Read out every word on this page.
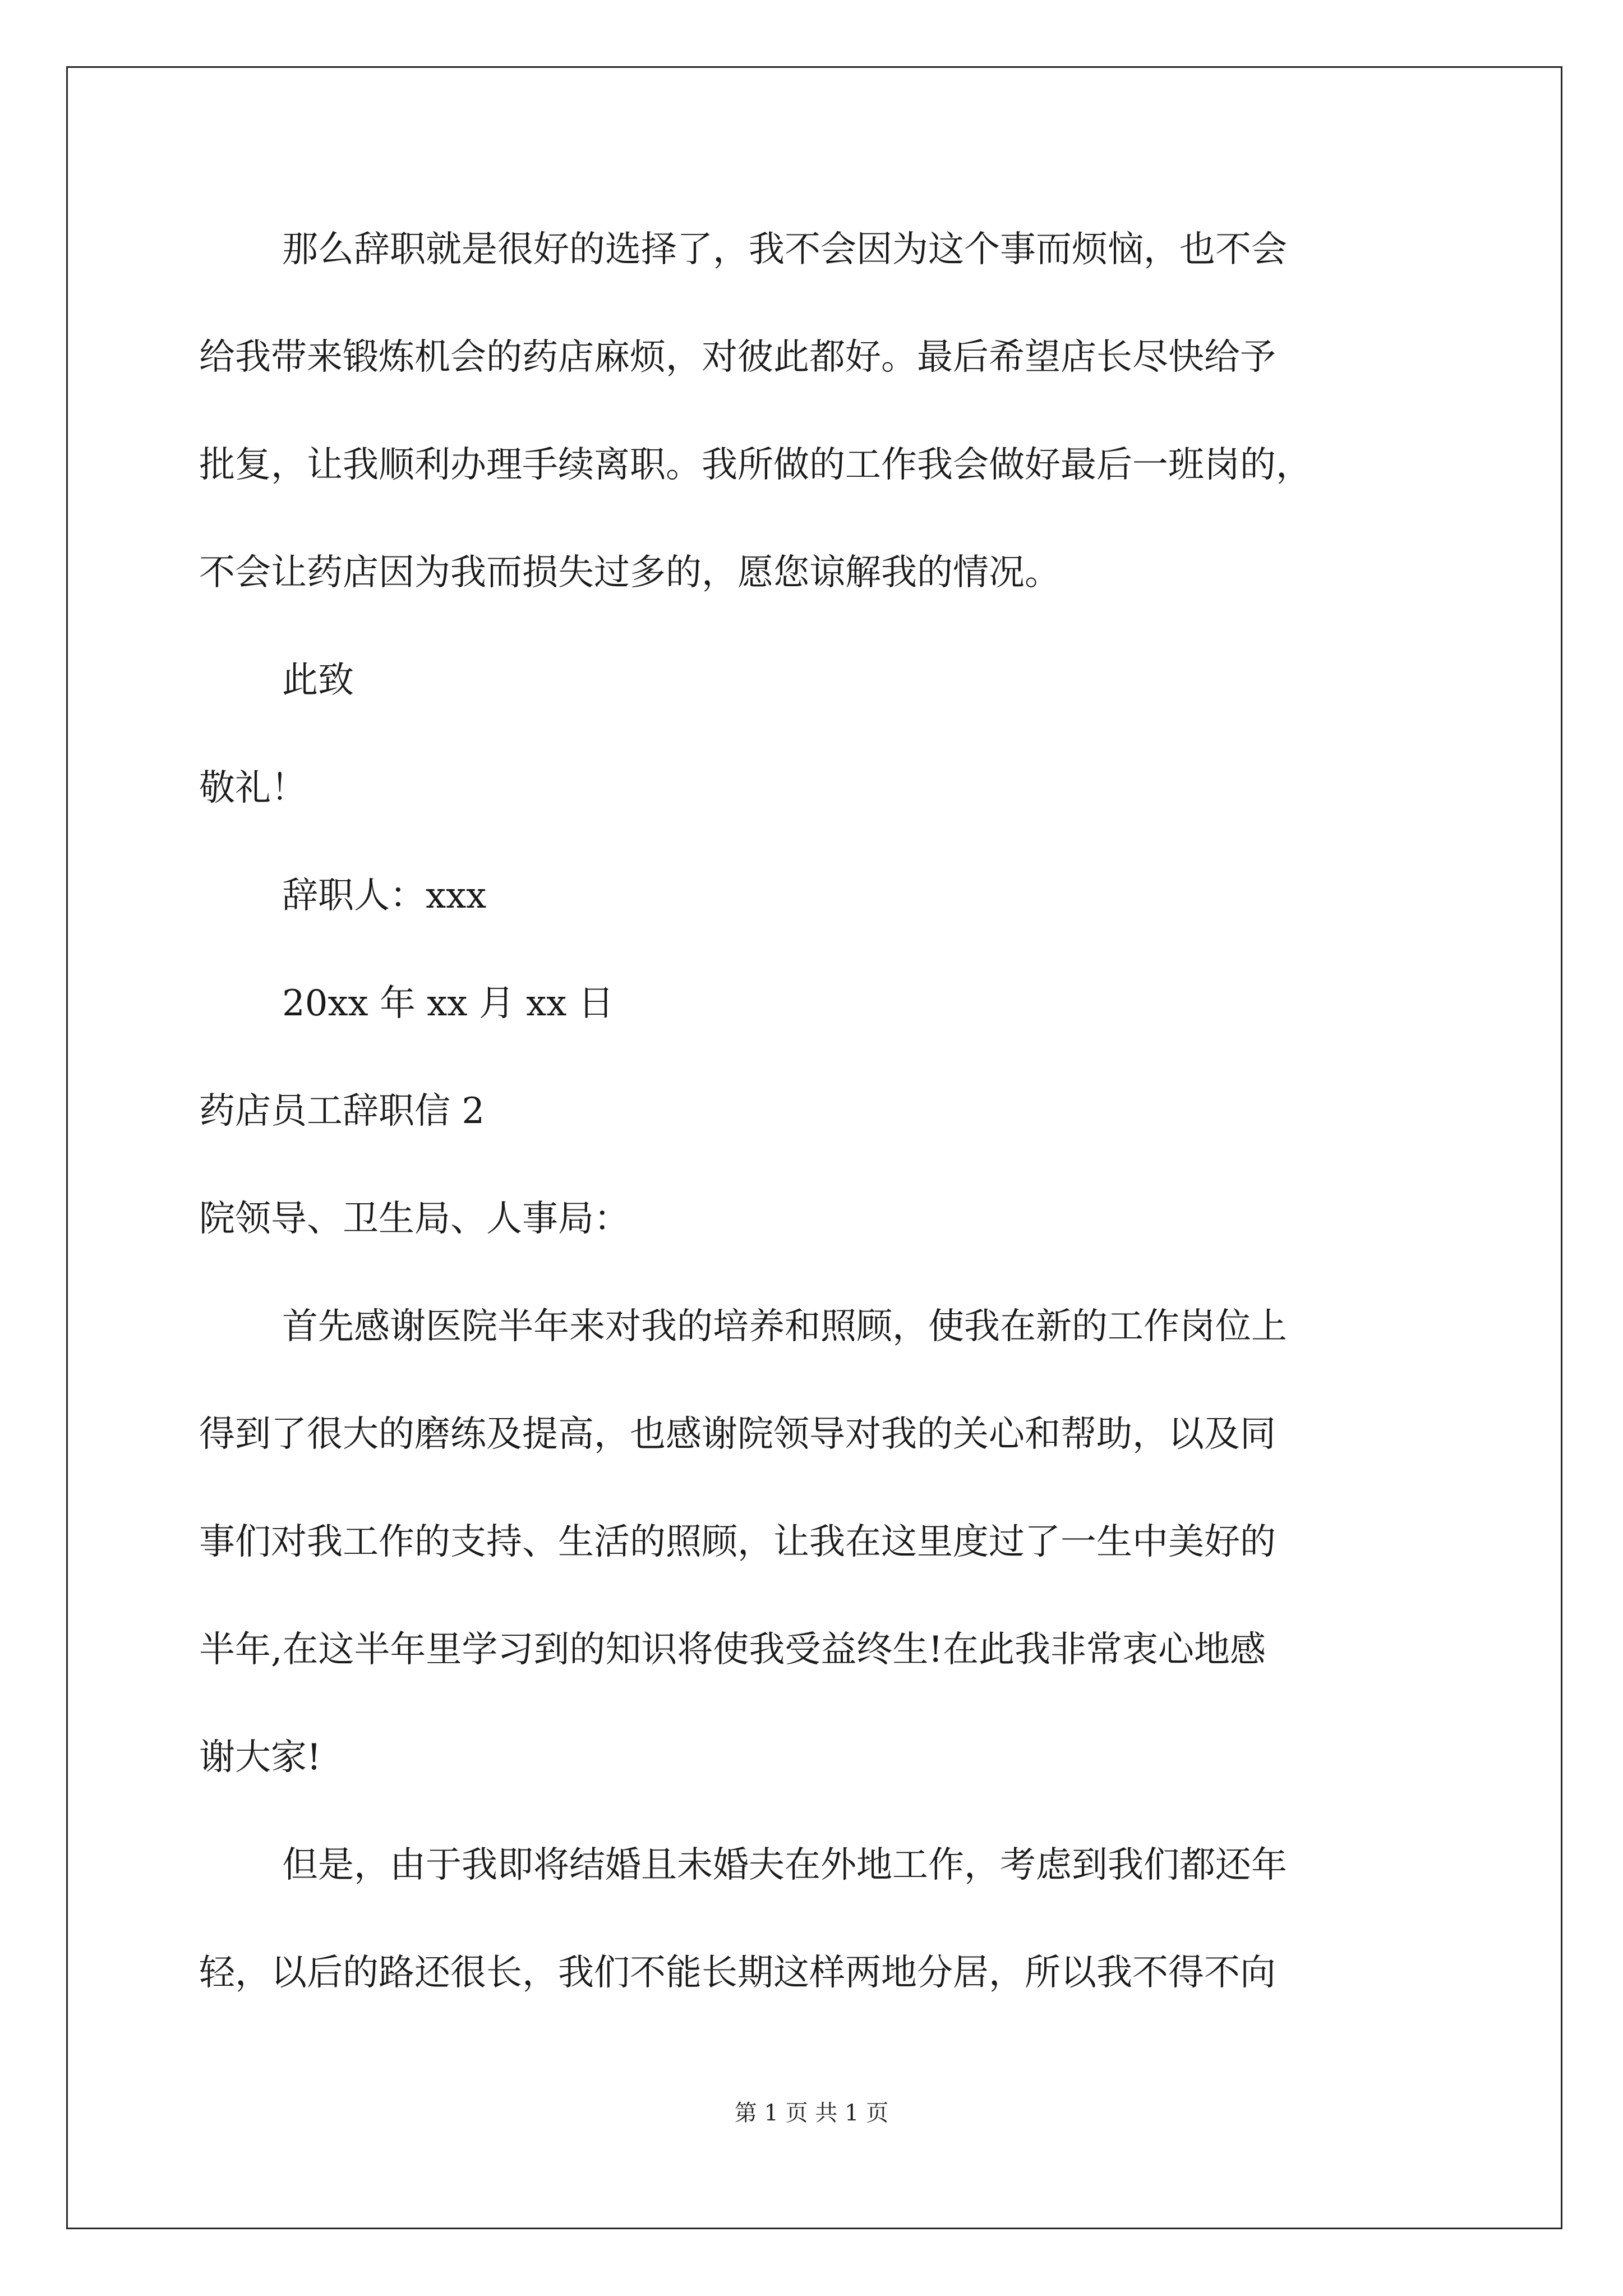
那么辞职就是很好的选择了，我不会因为这个事而烦恼，也不会
给我带来锻炼机会的药店麻烦，对彼此都好。最后希望店长尽快给予
批复，让我顺利办理手续离职。我所做的工作我会做好最后一班岗的，
不会让药店因为我而损失过多的，愿您谅解我的情况。
此致
敬礼！
辞职人：xxx
20xx 年 xx 月 xx 日
药店员工辞职信 2
院领导、卫生局、人事局：
首先感谢医院半年来对我的培养和照顾，使我在新的工作岗位上
得到了很大的磨练及提高，也感谢院领导对我的关心和帮助，以及同
事们对我工作的支持、生活的照顾，让我在这里度过了一生中美好的
半年,在这半年里学习到的知识将使我受益终生!在此我非常衷心地感
谢大家!
但是，由于我即将结婚且未婚夫在外地工作，考虑到我们都还年
轻，以后的路还很长，我们不能长期这样两地分居，所以我不得不向
第 1 页 共 1 页
